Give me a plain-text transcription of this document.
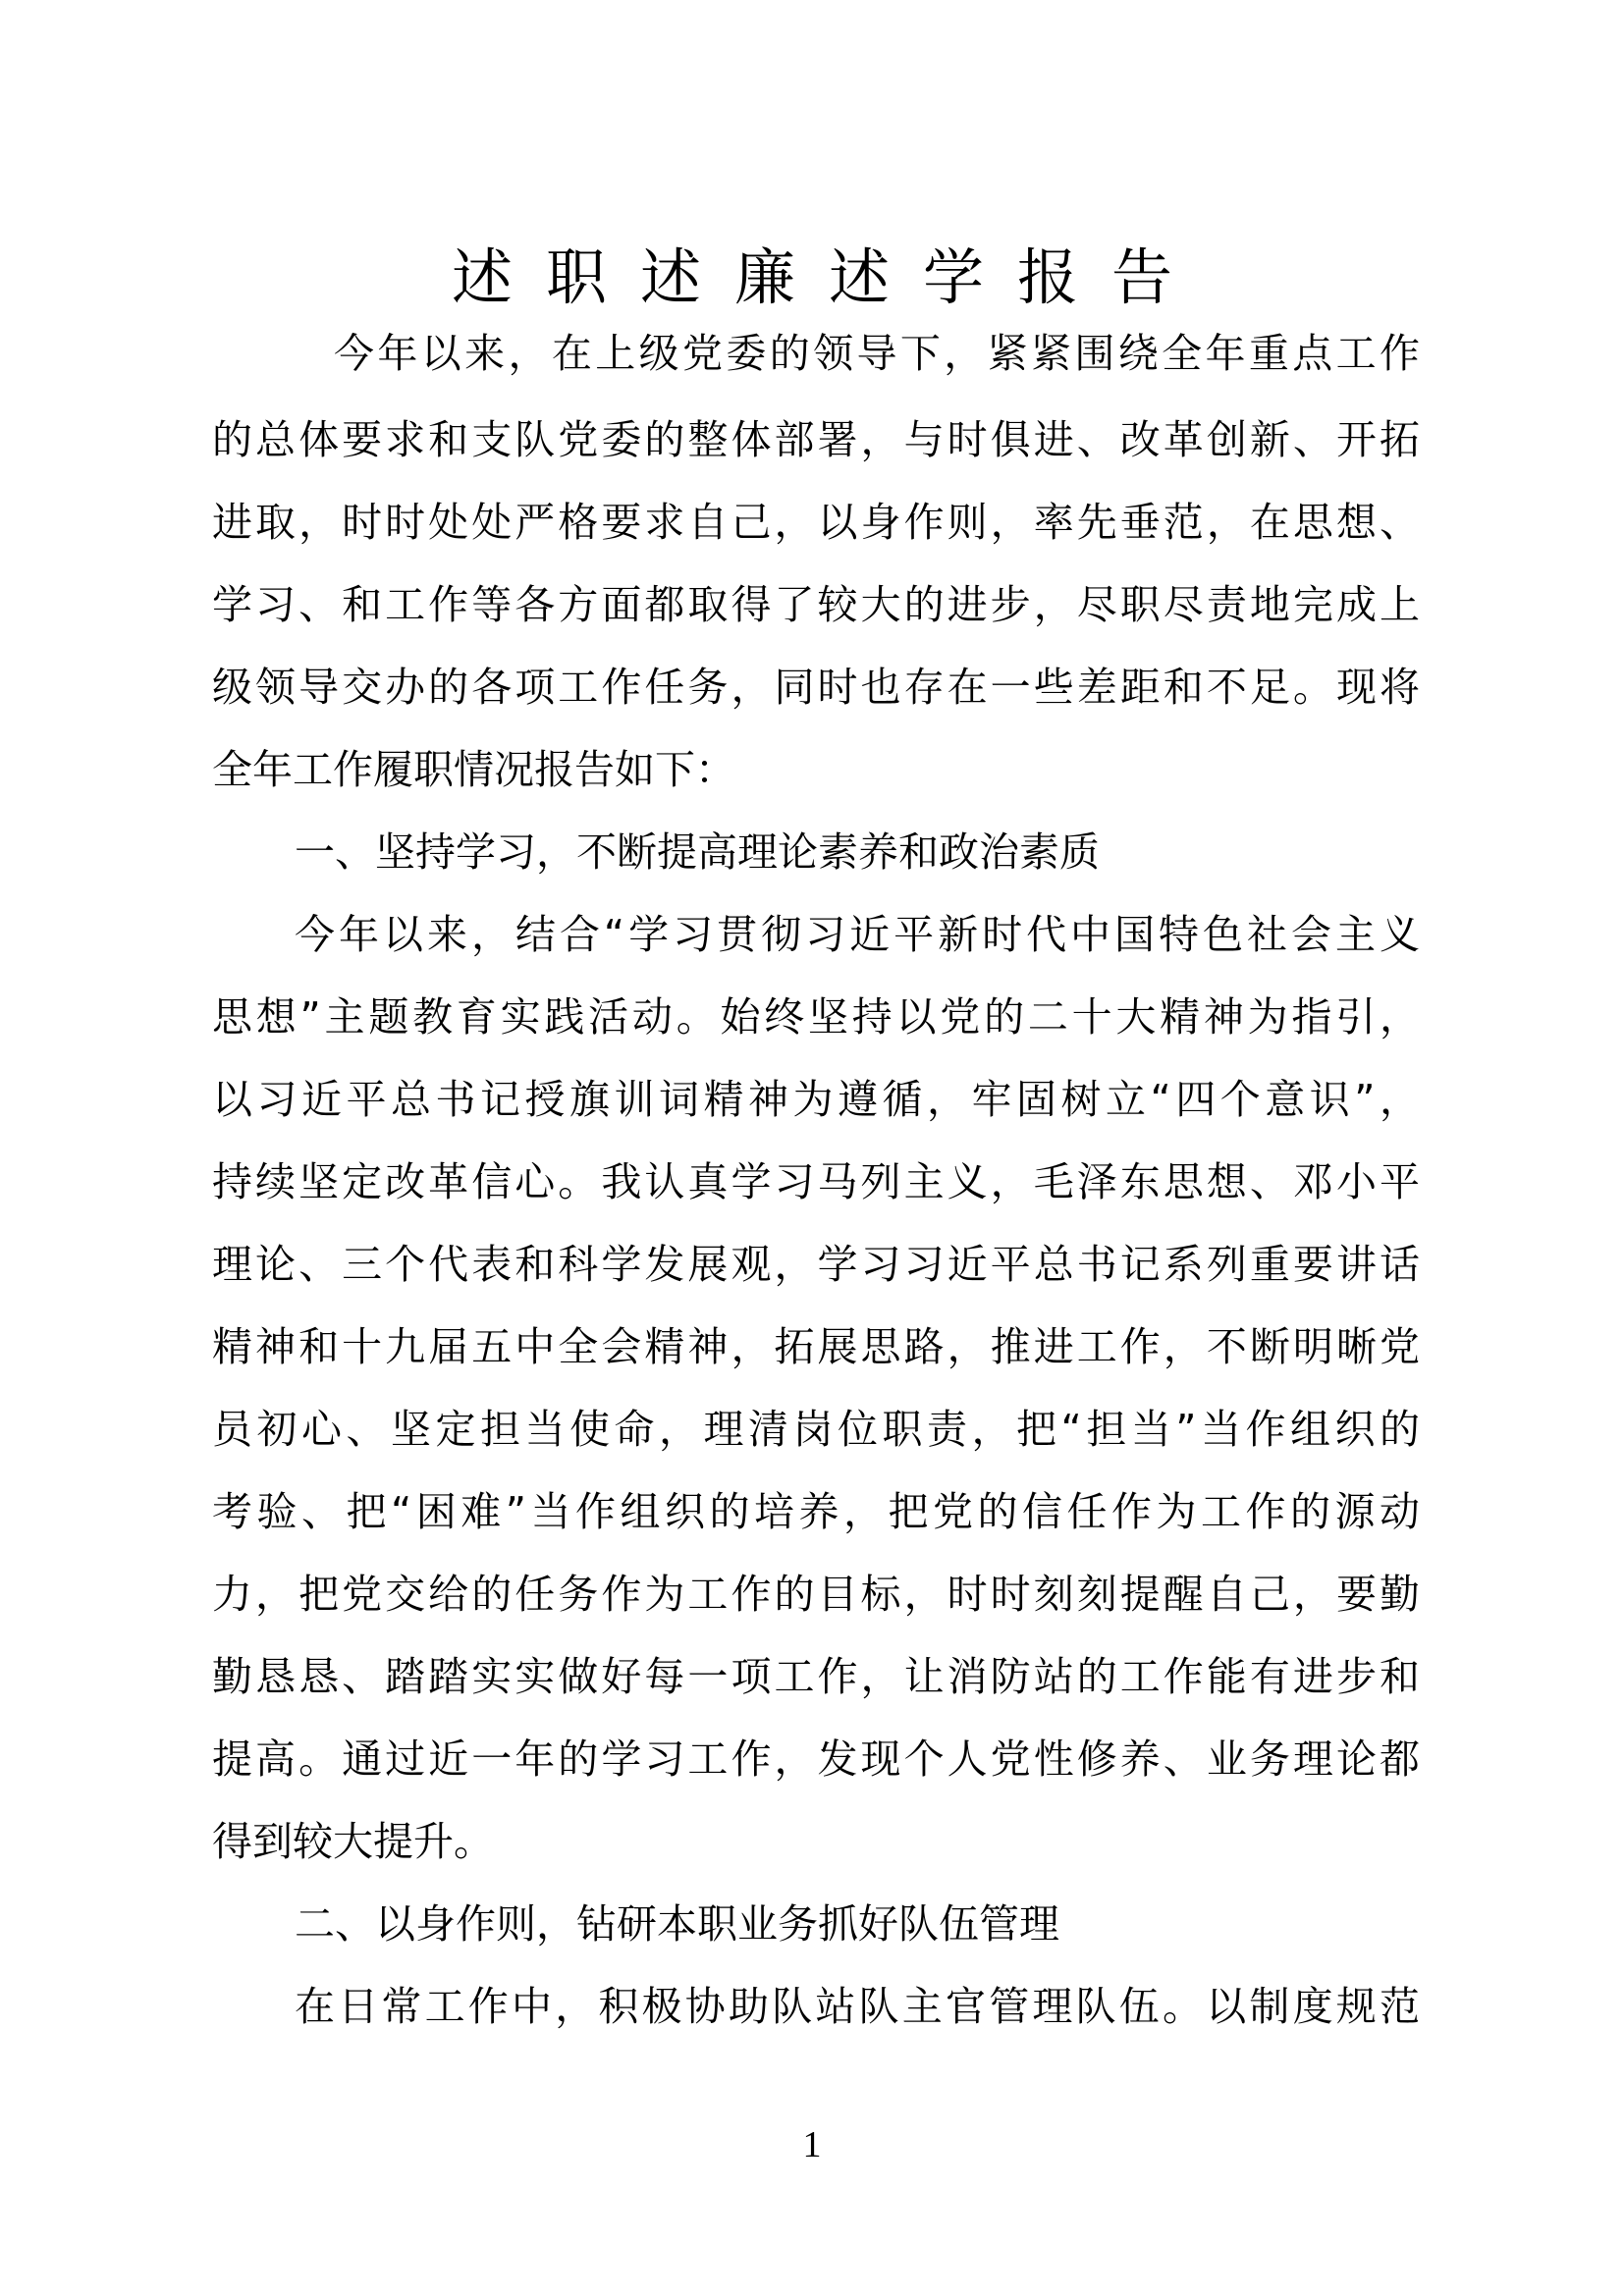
述职述廉述学报告
今年以来，在上级党委的领导下，紧紧围绕全年重点工作
的总体要求和支队党委的整体部署，与时俱进、改革创新、开拓
进取，时时处处严格要求自己，以身作则，率先垂范，在思想、
学习、和工作等各方面都取得了较大的进步，尽职尽责地完成上
级领导交办的各项工作任务，同时也存在一些差距和不足。现将
全年工作履职情况报告如下：
一、坚持学习，不断提高理论素养和政治素质
今年以来，结合“学习贯彻习近平新时代中国特色社会主义
思想”主题教育实践活动。始终坚持以党的二十大精神为指引，
以习近平总书记授旗训词精神为遵循，牢固树立“四个意识”，
持续坚定改革信心。我认真学习马列主义，毛泽东思想、邓小平
理论、三个代表和科学发展观，学习习近平总书记系列重要讲话
精神和十九届五中全会精神，拓展思路，推进工作，不断明晰党
员初心、坚定担当使命，理清岗位职责，把“担当”当作组织的
考验、把“困难”当作组织的培养，把党的信任作为工作的源动
力，把党交给的任务作为工作的目标，时时刻刻提醒自己，要勤
勤恳恳、踏踏实实做好每一项工作，让消防站的工作能有进步和
提高。通过近一年的学习工作，发现个人党性修养、业务理论都
得到较大提升。
二、以身作则，钻研本职业务抓好队伍管理
在日常工作中，积极协助队站队主官管理队伍。以制度规范
1
